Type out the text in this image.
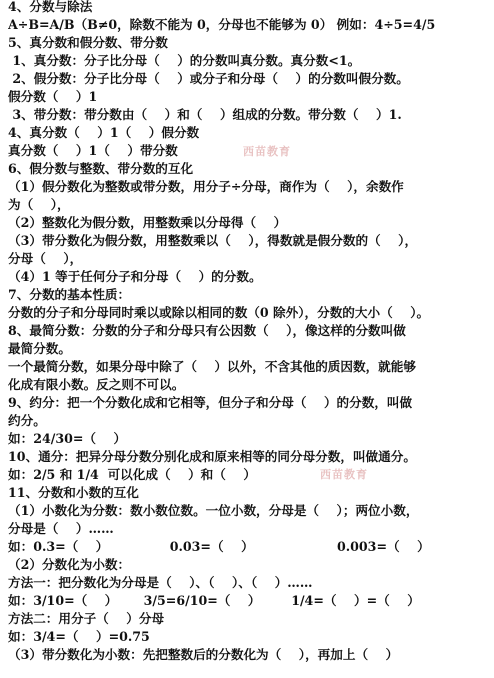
4、分数与除法
A÷B=A/B（B≠0，除数不能为 0，分母也不能够为 0） 例如：4÷5=4/5
5、真分数和假分数、带分数
1、真分数：分子比分母（    ）的分数叫真分数。真分数<1。
2、假分数：分子比分母（    ）或分子和分母（    ）的分数叫假分数。
假分数（    ）1
3、带分数：带分数由（    ）和（    ）组成的分数。带分数（    ）1.
4、真分数（    ）1（    ）假分数
真分数（    ）1（    ）带分数
6、假分数与整数、带分数的互化
（1）假分数化为整数或带分数，用分子÷分母，商作为（    ），余数作
为（    ），
（2）整数化为假分数，用整数乘以分母得（    ）
（3）带分数化为假分数，用整数乘以（    ），得数就是假分数的（    ），
分母（    ），
（4）1 等于任何分子和分母（    ）的分数。
7、分数的基本性质：
分数的分子和分母同时乘以或除以相同的数（0 除外），分数的大小（    ）。
8、最简分数：分数的分子和分母只有公因数（    ），像这样的分数叫做
最简分数。
一个最简分数，如果分母中除了（    ）以外，不含其他的质因数，就能够
化成有限小数。反之则不可以。
9、约分：把一个分数化成和它相等，但分子和分母（    ）的分数，叫做
约分。
如：24/30=（    ）
10、通分：把异分母分数分别化成和原来相等的同分母分数，叫做通分。
如：2/5 和 1/4  可以化成（    ）和（    ）
11、分数和小数的互化
（1）小数化为分数：数小数位数。一位小数，分母是（    ）；两位小数，
分母是（    ）……
如：0.3=（    ）              0.03=（    ）                   0.003=（    ）
（2）分数化为小数：
方法一：把分数化为分母是（    ）、（    ）、（    ）……
如：3/10=（    ）      3/5=6/10=（    ）       1/4=（    ）=（    ）
方法二：用分子（    ）分母
如：3/4=（    ）=0.75
（3）带分数化为小数：先把整数后的分数化为（    ），再加上（    ）
西苗教育
西苗教育
